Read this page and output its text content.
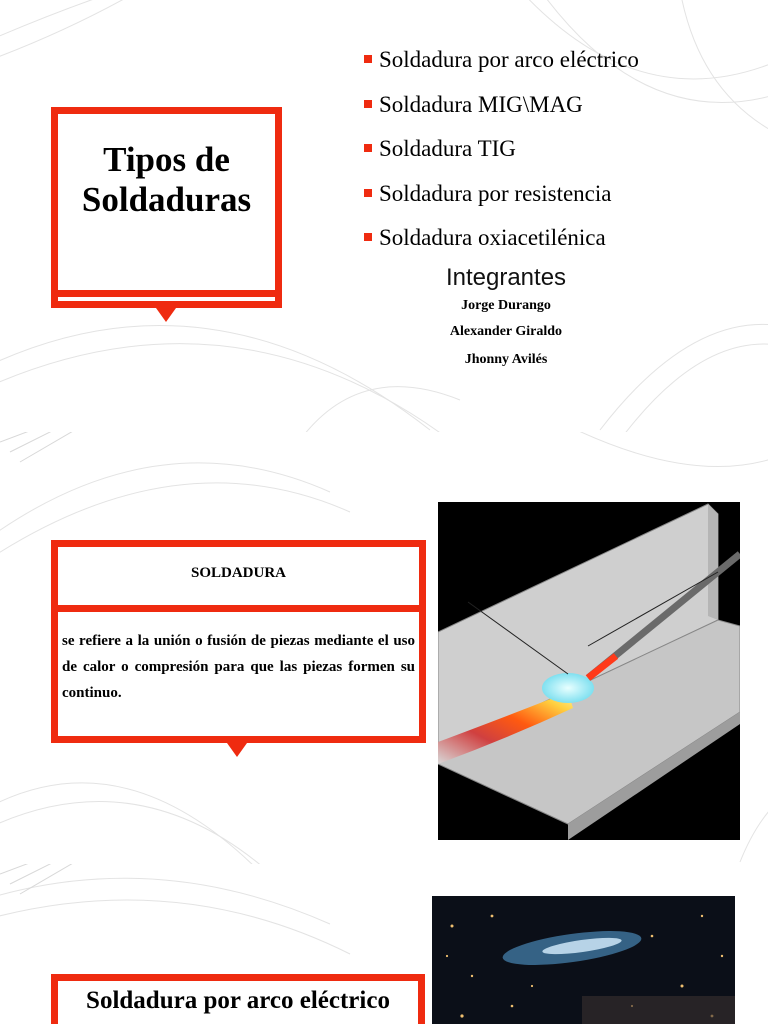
Tipos de Soldaduras
Soldadura por arco eléctrico
Soldadura MIG\MAG
Soldadura TIG
Soldadura por resistencia
Soldadura oxiacetilénica
Integrantes
Jorge Durango
Alexander Giraldo
Jhonny Avilés
SOLDADURA
se refiere a la unión o fusión de piezas mediante el uso de calor o compresión para que las piezas formen su continuo.
Soldadura por arco eléctrico
